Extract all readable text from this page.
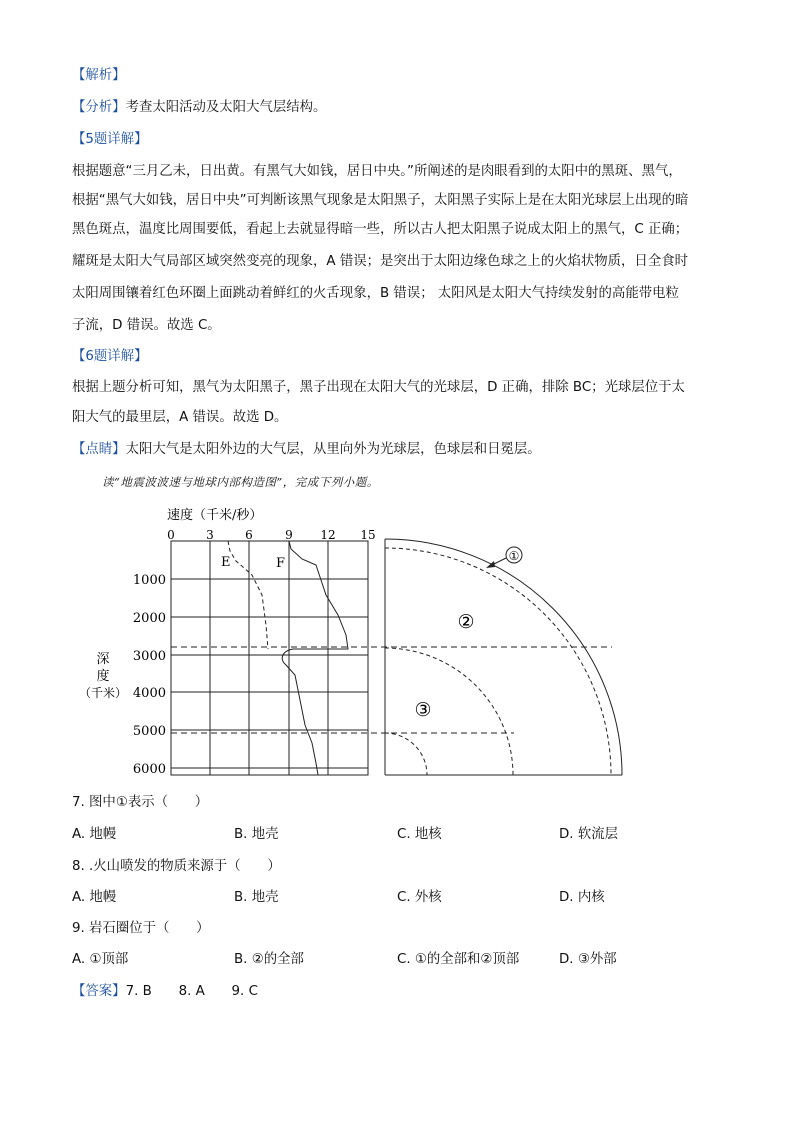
【解析】
【分析】考查太阳活动及太阳大气层结构。
【5题详解】
根据题意“三月乙未，日出黄。有黑气大如钱，居日中央。”所阐述的是肉眼看到的太阳中的黑斑、黑气，
根据“黑气大如钱，居日中央”可判断该黑气现象是太阳黑子，太阳黑子实际上是在太阳光球层上出现的暗
黑色斑点，温度比周围要低，看起上去就显得暗一些，所以古人把太阳黑子说成太阳上的黑气，C 正确；
耀斑是太阳大气局部区域突然变亮的现象，A 错误；是突出于太阳边缘色球之上的火焰状物质，日全食时
太阳周围镶着红色环圈上面跳动着鲜红的火舌现象，B 错误； 太阳风是太阳大气持续发射的高能带电粒
子流，D 错误。故选 C。
【6题详解】
根据上题分析可知，黑气为太阳黑子，黑子出现在太阳大气的光球层，D 正确，排除 BC；光球层位于太
阳大气的最里层，A 错误。故选 D。
【点睛】太阳大气是太阳外边的大气层，从里向外为光球层，色球层和日冕层。
读“地震波波速与地球内部构造图”，完成下列小题。
速度（千米/秒）
0	3	6	9 12 15
1000
2000
3000
4000
5000
6000
深
度
（千米）
E	F	①
②
③
7. 图中①表示（　　）
A. 地幔	B. 地壳	C. 地核	D. 软流层
8. .火山喷发的物质来源于（　　）
A. 地幔	B. 地壳	C. 外核	D. 内核
9. 岩石圈位于（　　）
A. ①顶部	B. ②的全部	C. ①的全部和②顶部	D. ③外部
【答案】7. B　　8. A　　9. C
